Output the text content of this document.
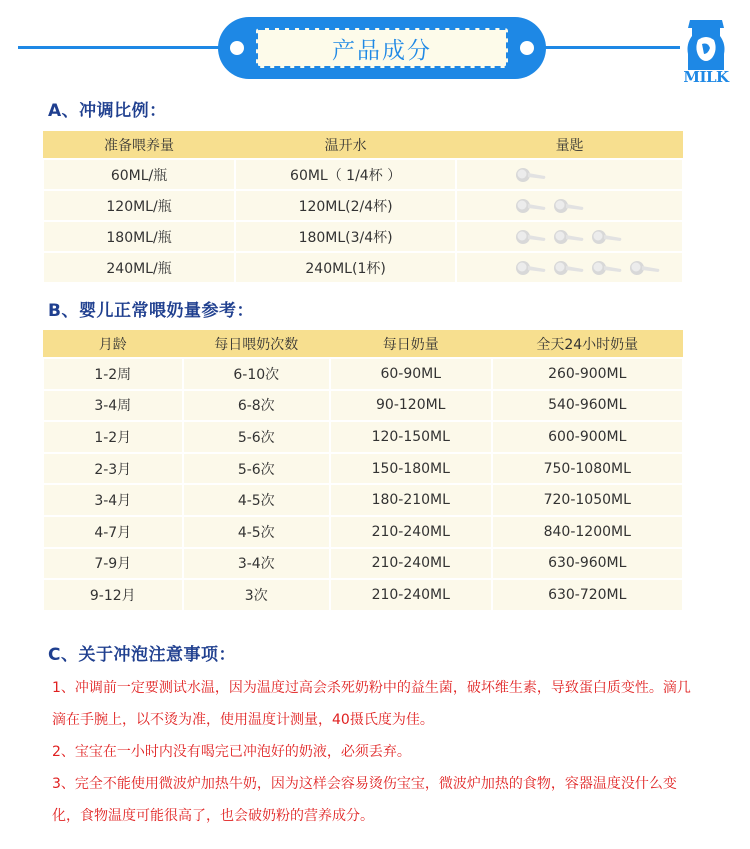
产品成分
MILK
A、冲调比例：
准备喂养量	温开水	量匙
60ML/瓶	60ML（ 1/4杯 ）	

120ML/瓶	120ML(2/4杯)	

180ML/瓶	180ML(3/4杯)	

240ML/瓶	240ML(1杯)	
B、婴儿正常喂奶量参考：
月龄	每日喂奶次数	每日奶量	全天24小时奶量
1-2周	6-10次	60-90ML	260-900ML
3-4周	6-8次	90-120ML	540-960ML
1-2月	5-6次	120-150ML	600-900ML
2-3月	5-6次	150-180ML	750-1080ML
3-4月	4-5次	180-210ML	720-1050ML
4-7月	4-5次	210-240ML	840-1200ML
7-9月	3-4次	210-240ML	630-960ML
9-12月	3次	210-240ML	630-720ML
C、关于冲泡注意事项：
1、冲调前一定要测试水温，因为温度过高会杀死奶粉中的益生菌，破坏维生素，导致蛋白质变性。滴几滴在手腕上，以不烫为准，使用温度计测量，40摄氏度为佳。
2、宝宝在一小时内没有喝完已冲泡好的奶液，必须丢弃。
3、完全不能使用微波炉加热牛奶，因为这样会容易烫伤宝宝，微波炉加热的食物，容器温度没什么变化，食物温度可能很高了，也会破奶粉的营养成分。
